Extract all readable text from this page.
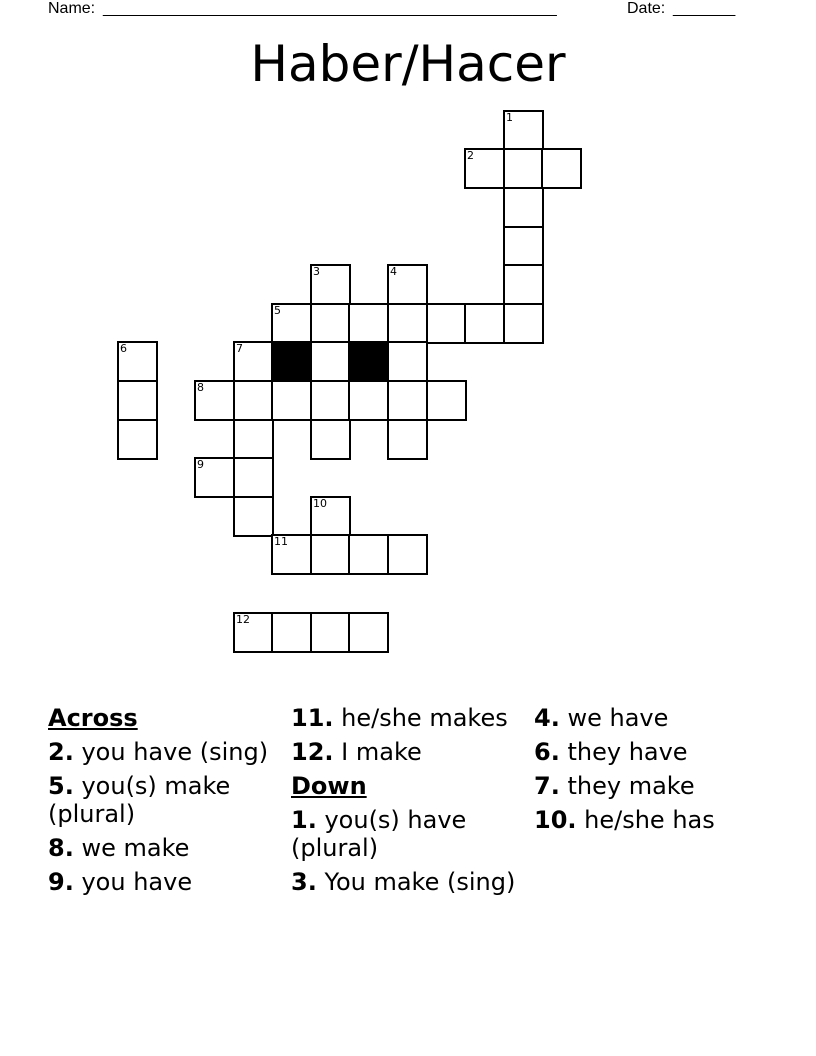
Name: ___________________________________________________	Date: _______
Haber/Hacer
1
2
3	4
5
6	7
8
9
10
11
12
Across
2. you have (sing)
5. you(s) make (plural)
8. we make
9. you have
11. he/she makes
12. I make
Down
1. you(s) have (plural)
3. You make (sing)
4. we have
6. they have
7. they make
10. he/she has
